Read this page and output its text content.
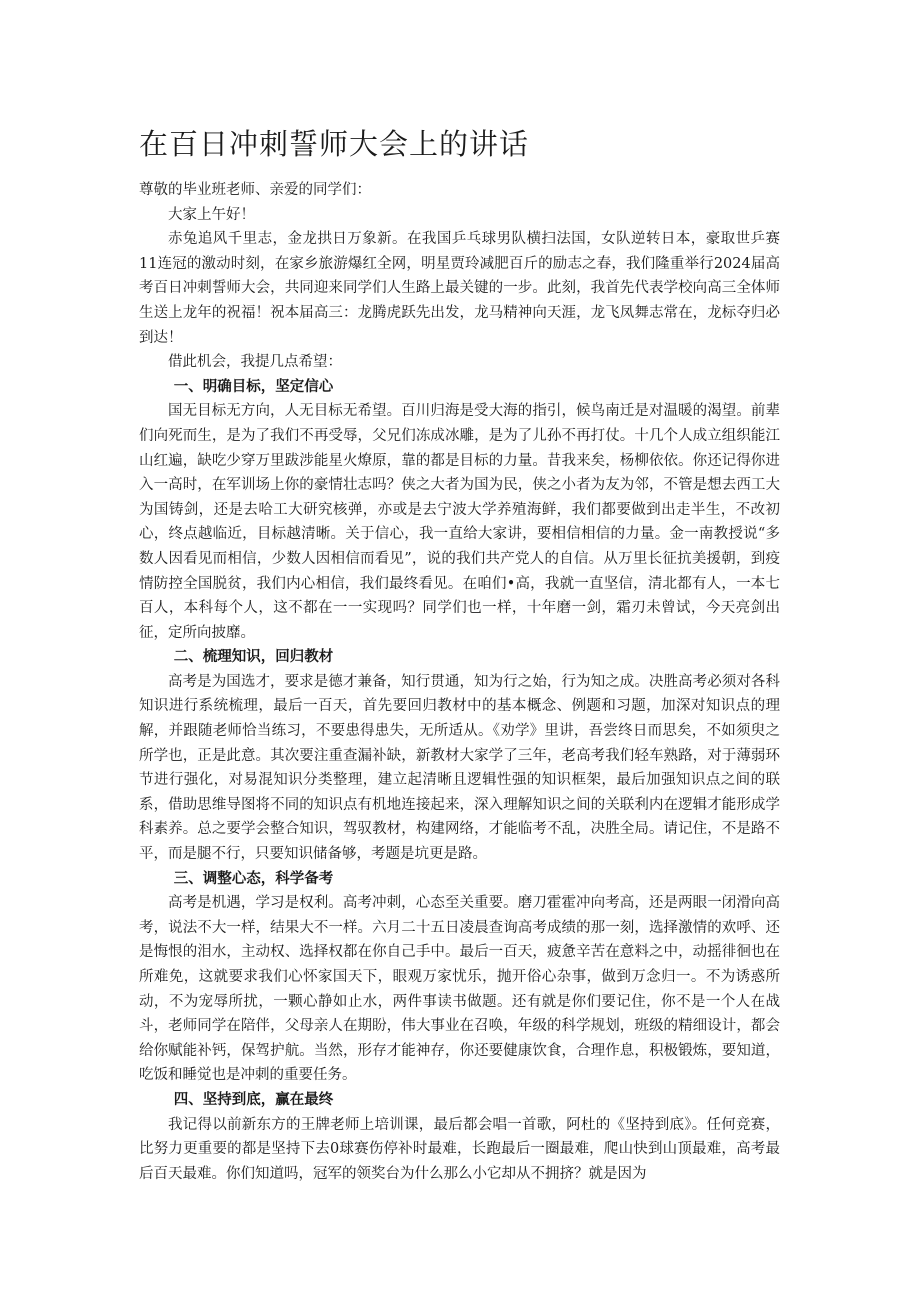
在百日冲刺誓师大会上的讲话

尊敬的毕业班老师、亲爱的同学们：

大家上午好！

赤兔追风千里志，金龙拱日万象新。在我国乒乓球男队横扫法国，女队逆转日本，豪取世乒赛11连冠的激动时刻，在家乡旅游爆红全网，明星贾玲减肥百斤的励志之春，我们隆重举行2024届高考百日冲刺誓师大会，共同迎来同学们人生路上最关键的一步。此刻，我首先代表学校向高三全体师生送上龙年的祝福！祝本届高三：龙腾虎跃先出发，龙马精神向天涯，龙飞凤舞志常在，龙标夺归必到达！

借此机会，我提几点希望：

一、明确目标，坚定信心

国无目标无方向，人无目标无希望。百川归海是受大海的指引，候鸟南迁是对温暖的渴望。前辈们向死而生，是为了我们不再受辱，父兄们冻成冰雕，是为了儿孙不再打仗。十几个人成立组织能江山红遍，缺吃少穿万里跋涉能星火燎原，靠的都是目标的力量。昔我来矣，杨柳依依。你还记得你进入一高时，在军训场上你的豪情壮志吗？侠之大者为国为民，侠之小者为友为邻，不管是想去西工大为国铸剑，还是去哈工大研究核弹，亦或是去宁波大学养殖海鲜，我们都要做到出走半生，不改初心，终点越临近，目标越清晰。关于信心，我一直给大家讲，要相信相信的力量。金一南教授说“多数人因看见而相信，少数人因相信而看见”，说的我们共产党人的自信。从万里长征抗美援朝，到疫情防控全国脱贫，我们内心相信，我们最终看见。在咱们•高，我就一直坚信，清北都有人，一本七百人，本科每个人，这不都在一一实现吗？同学们也一样，十年磨一剑，霜刃未曾试，今天亮剑出征，定所向披靡。

二、梳理知识，回归教材

高考是为国选才，要求是德才兼备，知行贯通，知为行之始，行为知之成。决胜高考必须对各科知识进行系统梳理，最后一百天，首先要回归教材中的基本概念、例题和习题，加深对知识点的理解，并跟随老师恰当练习，不要患得患失，无所适从。《劝学》里讲，吾尝终日而思矣，不如须臾之所学也，正是此意。其次要注重查漏补缺，新教材大家学了三年，老高考我们轻车熟路，对于薄弱环节进行强化，对易混知识分类整理，建立起清晰且逻辑性强的知识框架，最后加强知识点之间的联系，借助思维导图将不同的知识点有机地连接起来，深入理解知识之间的关联利内在逻辑才能形成学科素养。总之要学会整合知识，驾驭教材，构建网络，才能临考不乱，决胜全局。请记住，不是路不平，而是腿不行，只要知识储备够，考题是坑更是路。

三、调整心态，科学备考

高考是机遇，学习是权利。高考冲刺，心态至关重要。磨刀霍霍冲向考高，还是两眼一闭滑向高考，说法不大一样，结果大不一样。六月二十五日凌晨查询高考成绩的那一刻，选择激情的欢呼、还是悔恨的泪水，主动权、选择权都在你自己手中。最后一百天，疲惫辛苦在意料之中，动摇徘徊也在所难免，这就要求我们心怀家国天下，眼观万家忧乐，抛开俗心杂事，做到万念归一。不为诱惑所动，不为宠辱所扰，一颗心静如止水，两件事读书做题。还有就是你们要记住，你不是一个人在战斗，老师同学在陪伴，父母亲人在期盼，伟大事业在召唤，年级的科学规划，班级的精细设计，都会给你赋能补钙，保驾护航。当然，形存才能神存，你还要健康饮食，合理作息，积极锻炼，要知道，吃饭和睡觉也是冲刺的重要任务。

四、坚持到底，赢在最终

我记得以前新东方的王牌老师上培训课，最后都会唱一首歌，阿杜的《坚持到底》。任何竞赛，比努力更重要的都是坚持下去0球赛伤停补时最难，长跑最后一圈最难，爬山快到山顶最难，高考最后百天最难。你们知道吗，冠军的领奖台为什么那么小它却从不拥挤？就是因为
